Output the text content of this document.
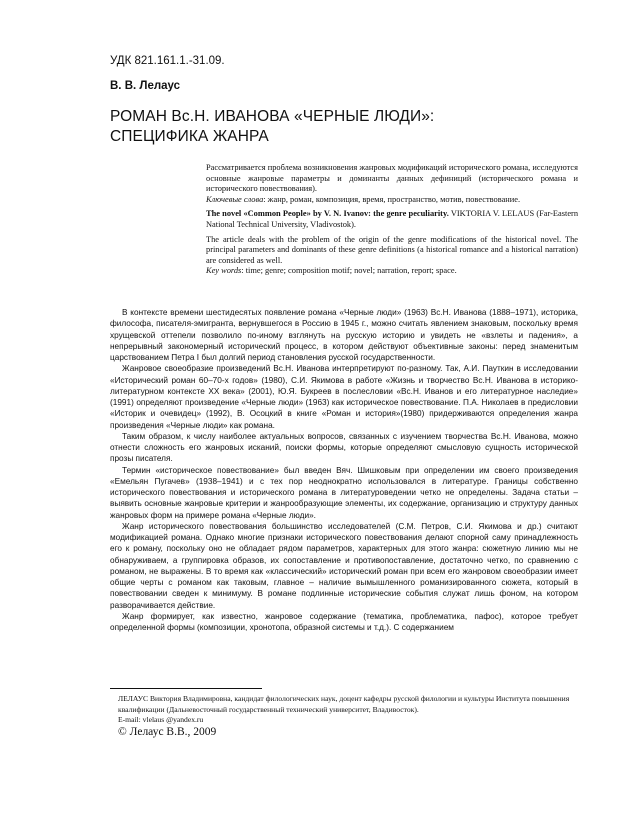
УДК 821.161.1.-31.09.
В. В. Лелаус
РОМАН Вс.Н. ИВАНОВА «ЧЕРНЫЕ ЛЮДИ»:
СПЕЦИФИКА ЖАНРА

Рассматривается проблема возникновения жанровых модификаций исторического романа, исследуются основные жанровые параметры и доминанты данных дефиниций (исторического романа и исторического повествования).

Ключевые слова: жанр, роман, композиция, время, пространство, мотив, повествование.

The novel «Common People» by V. N. Ivanov: the genre peculiarity. VIKTORIA V. LELAUS (Far-Eastern National Technical University, Vladivostok).

The article deals with the problem of the origin of the genre modifications of the historical novel. The principal parameters and dominants of these genre definitions (a historical romance and a historical narration) are considered as well.

Key words: time; genre; composition motif; novel; narration, report; space.

В контексте времени шестидесятых появление романа «Черные люди» (1963) Вс.Н. Иванова (1888–1971), историка, философа, писателя-эмигранта, вернувшегося в Россию в 1945 г., можно считать явлением знаковым, поскольку время хрущевской оттепели позволило по-иному взглянуть на русскую историю и увидеть не «взлеты и падения», а непрерывный закономерный исторический процесс, в котором действуют объективные законы: перед знаменитым царствованием Петра I был долгий период становления русской государственности.

Жанровое своеобразие произведений Вс.Н. Иванова интерпретируют по-разному. Так, А.И. Пауткин в исследовании «Исторический роман 60–70-х годов» (1980), С.И. Якимова в работе «Жизнь и творчество Вс.Н. Иванова в историко-литературном контексте XX века» (2001), Ю.Я. Букреев в послесловии «Вс.Н. Иванов и его литературное наследие» (1991) определяют произведение «Черные люди» (1963) как историческое повествование. П.А. Николаев в предисловии «Историк и очевидец» (1992), В. Осоцкий в книге «Роман и история»(1980) придерживаются определения жанра произведения «Черные люди» как романа.

Таким образом, к числу наиболее актуальных вопросов, связанных с изучением творчества Вс.Н. Иванова, можно отнести сложность его жанровых исканий, поиски формы, которые определяют смысловую сущность исторической прозы писателя.

Термин «историческое повествование» был введен Вяч. Шишковым при определении им своего произведения «Емельян Пугачев» (1938–1941) и с тех пор неоднократно использовался в литературе. Границы собственно исторического повествования и исторического романа в литературоведении четко не определены. Задача статьи – выявить основные жанровые критерии и жанрообразующие элементы, их содержание, организацию и структуру данных жанровых форм на примере романа «Черные люди».

Жанр исторического повествования большинство исследователей (С.М. Петров, С.И. Якимова и др.) считают модификацией романа. Однако многие признаки исторического повествования делают спорной саму принадлежность его к роману, поскольку оно не обладает рядом параметров, характерных для этого жанра: сюжетную линию мы не обнаруживаем, а группировка образов, их сопоставление и противопоставление, достаточно четко, по сравнению с романом, не выражены. В то время как «классический» исторический роман при всем его жанровом своеобразии имеет общие черты с романом как таковым, главное – наличие вымышленного романизированного сюжета, который в повествовании сведен к минимуму. В романе подлинные исторические события служат лишь фоном, на котором разворачивается действие.

Жанр формирует, как известно, жанровое содержание (тематика, проблематика, пафос), которое требует определенной формы (композиции, хронотопа, образной системы и т.д.). С содержанием

ЛЕЛАУС Виктория Владимировна, кандидат филологических наук, доцент кафедры русской филологии и культуры Института повышения квалификации (Дальневосточный государственный технический университет, Владивосток).

E-mail: vlelaus @yandex.ru

© Лелаус В.В., 2009
